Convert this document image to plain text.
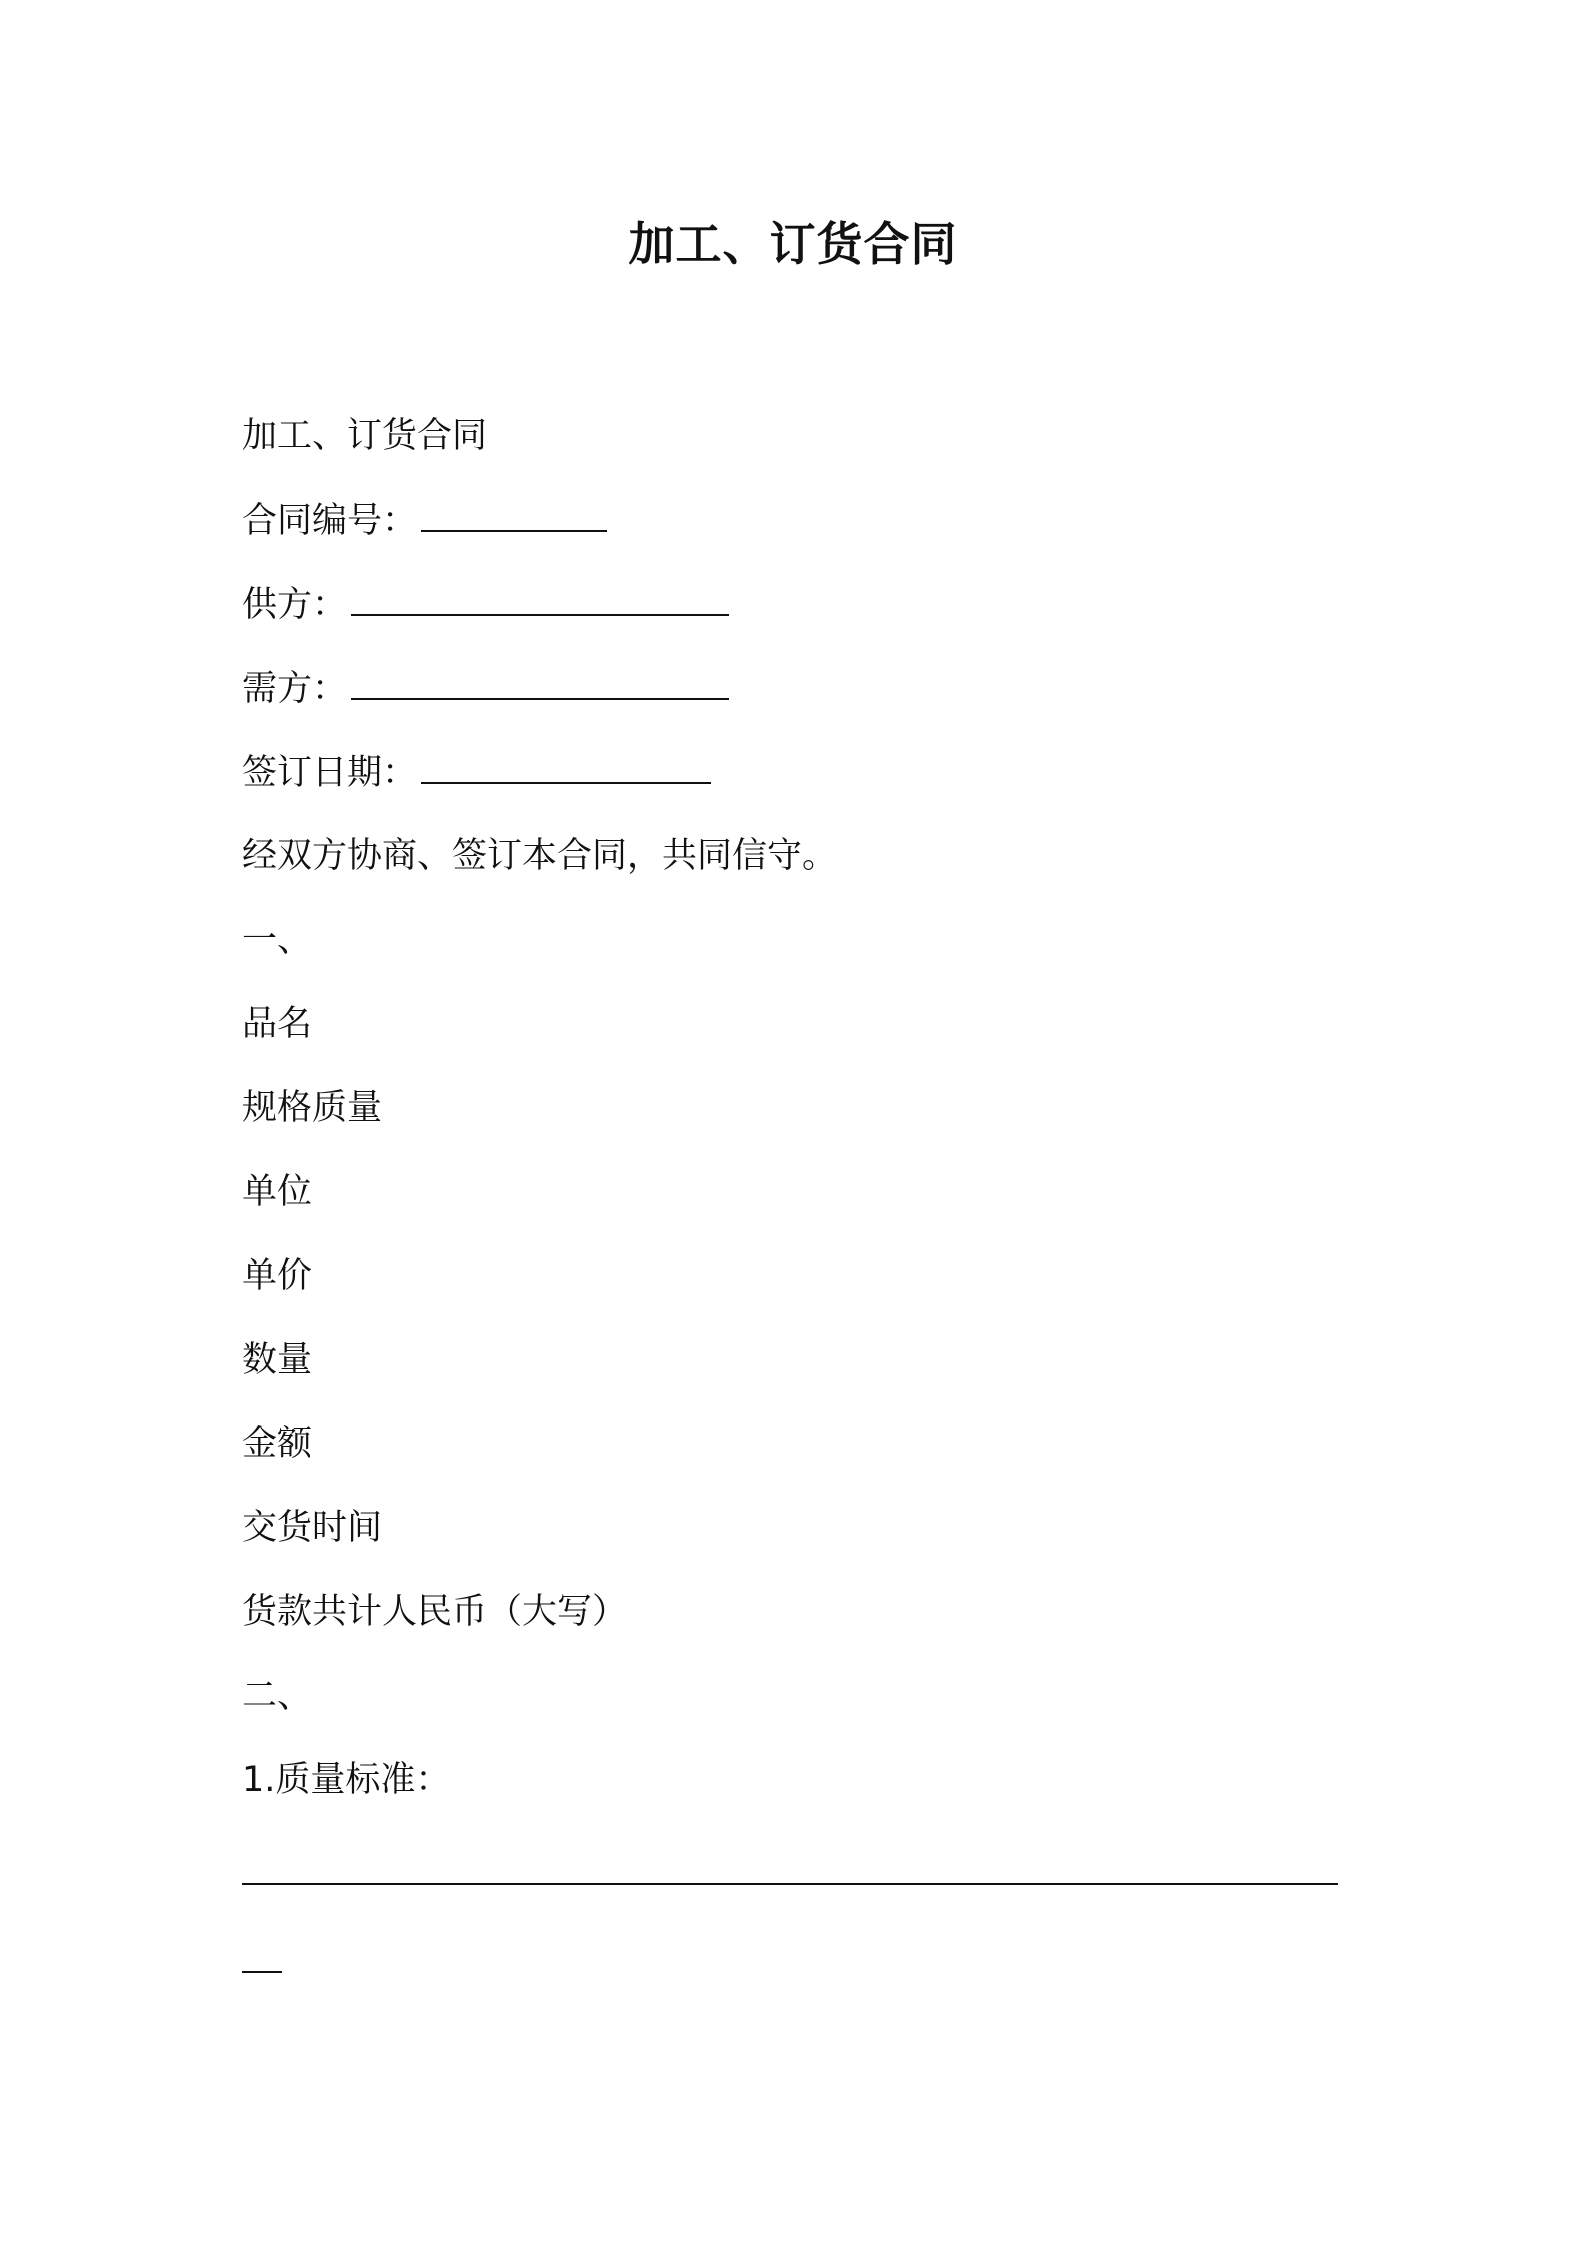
加工、订货合同
加工、订货合同
合同编号：
供方：
需方：
签订日期：
经双方协商、签订本合同，共同信守。
一、
品名
规格质量
单位
单价
数量
金额
交货时间
货款共计人民币（大写）
二、
1.质量标准：
